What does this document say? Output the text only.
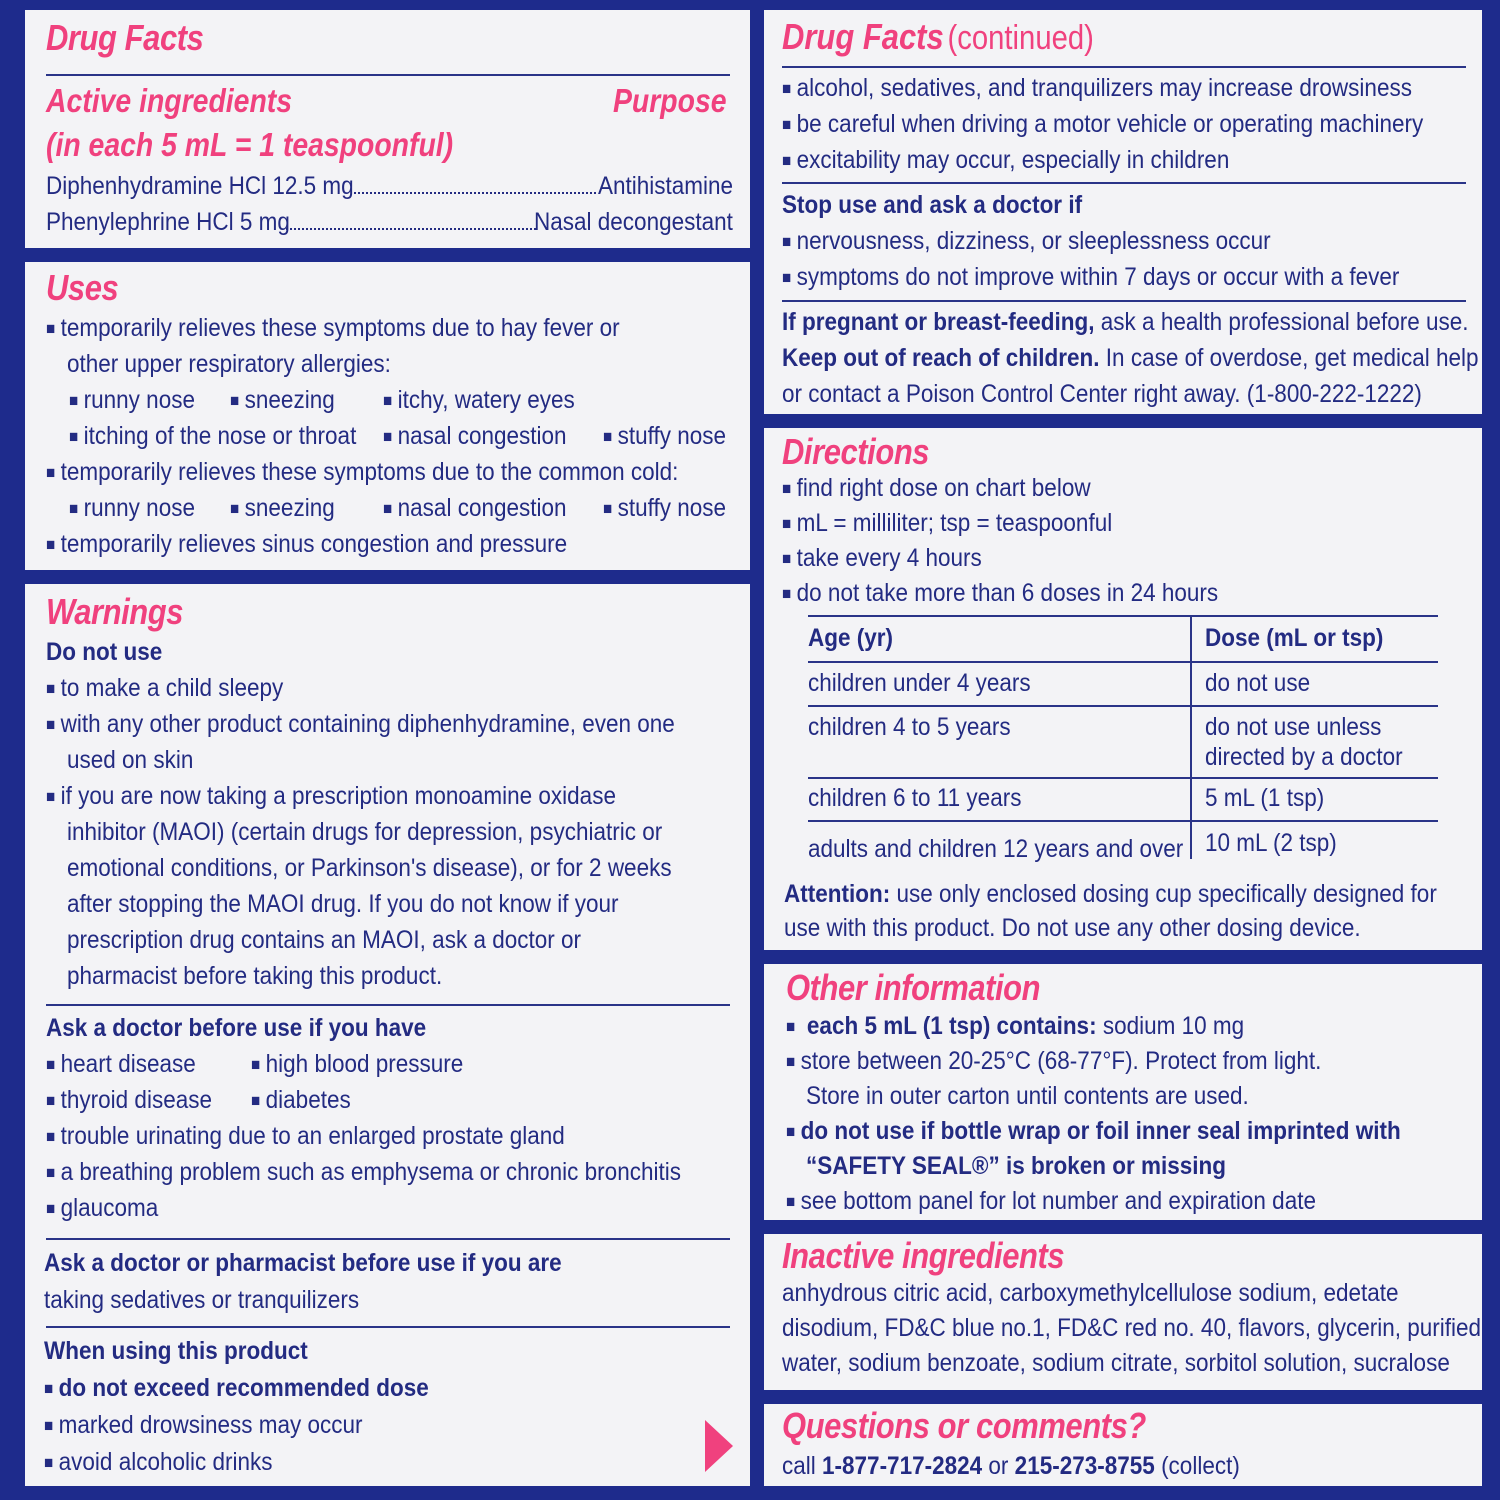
Drug Facts
Active ingredients	Purpose
(in each 5 mL = 1 teaspoonful)
Diphenhydramine HCl 12.5 mg	Antihistamine
Phenylephrine HCl 5 mg	Nasal decongestant
Uses
■ temporarily relieves these symptoms due to hay fever or
other upper respiratory allergies:
■ runny nose	■ sneezing	■ itchy, watery eyes
■ itching of the nose or throat	■ nasal congestion	■ stuffy nose
■ temporarily relieves these symptoms due to the common cold:
■ runny nose	■ sneezing	■ nasal congestion	■ stuffy nose
■ temporarily relieves sinus congestion and pressure
Warnings
Do not use
■ to make a child sleepy
■ with any other product containing diphenhydramine, even one
used on skin
■ if you are now taking a prescription monoamine oxidase
inhibitor (MAOI) (certain drugs for depression, psychiatric or
emotional conditions, or Parkinson's disease), or for 2 weeks
after stopping the MAOI drug. If you do not know if your
prescription drug contains an MAOI, ask a doctor or
pharmacist before taking this product.
Ask a doctor before use if you have
■ heart disease	■ high blood pressure
■ thyroid disease	■ diabetes
■ trouble urinating due to an enlarged prostate gland
■ a breathing problem such as emphysema or chronic bronchitis
■ glaucoma
Ask a doctor or pharmacist before use if you are
taking sedatives or tranquilizers
When using this product
■ do not exceed recommended dose
■ marked drowsiness may occur
■ avoid alcoholic drinks
Drug Facts (continued)
■ alcohol, sedatives, and tranquilizers may increase drowsiness
■ be careful when driving a motor vehicle or operating machinery
■ excitability may occur, especially in children
Stop use and ask a doctor if
■ nervousness, dizziness, or sleeplessness occur
■ symptoms do not improve within 7 days or occur with a fever
If pregnant or breast-feeding, ask a health professional before use.
Keep out of reach of children. In case of overdose, get medical help
or contact a Poison Control Center right away. (1-800-222-1222)
Directions
■ find right dose on chart below
■ mL = milliliter; tsp = teaspoonful
■ take every 4 hours
■ do not take more than 6 doses in 24 hours
Age (yr)	Dose (mL or tsp)
children under 4 years	do not use
children 4 to 5 years	do not use unless
directed by a doctor
children 6 to 11 years	5 mL (1 tsp)
adults and children 12 years and over 10 mL (2 tsp)
Attention: use only enclosed dosing cup specifically designed for
use with this product. Do not use any other dosing device.
Other information
■ each 5 mL (1 tsp) contains: sodium 10 mg
■ store between 20-25°C (68-77°F). Protect from light.
Store in outer carton until contents are used.
■ do not use if bottle wrap or foil inner seal imprinted with
“SAFETY SEAL®” is broken or missing
■ see bottom panel for lot number and expiration date
Inactive ingredients
anhydrous citric acid, carboxymethylcellulose sodium, edetate
disodium, FD&C blue no.1, FD&C red no. 40, flavors, glycerin, purified
water, sodium benzoate, sodium citrate, sorbitol solution, sucralose
Questions or comments?
call 1-877-717-2824 or 215-273-8755 (collect)
